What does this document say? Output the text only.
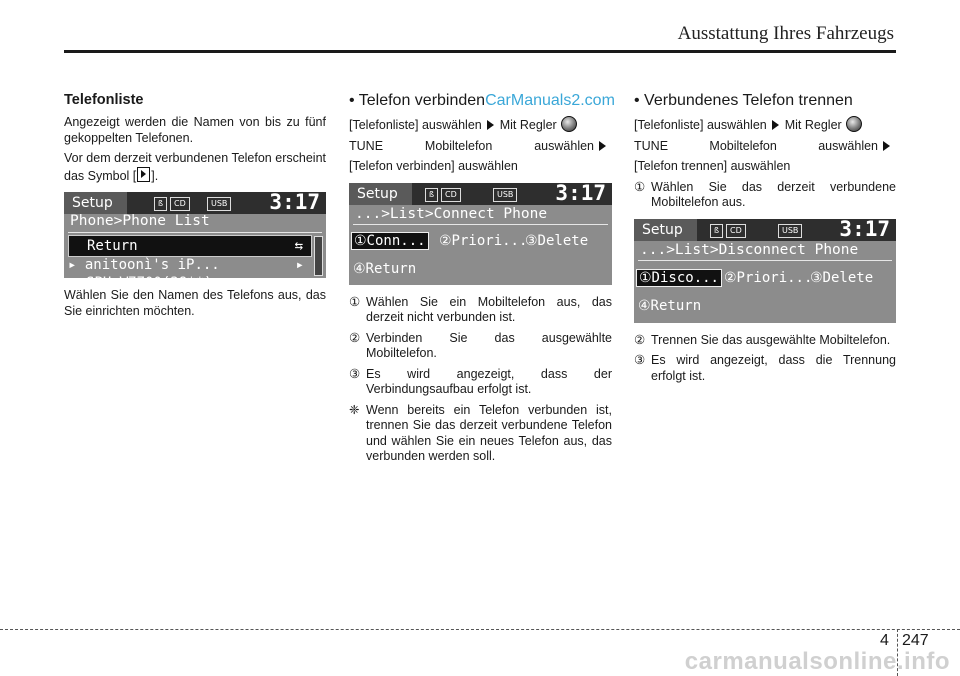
Ausstattung Ihres Fahrzeugs
Telefonliste

Angezeigt werden die Namen von bis zu fünf gekoppelten Telefonen.

Vor dem derzeit verbundenen Telefon erscheint das Symbol [ ].

Setup	ß	CD	USB 3:17
Phone>Phone List
Return	⇆
▸ anitoonì's iP...	▸
SPH-W7700(38**)	▸

Wählen Sie den Namen des Telefons aus, das Sie einrichten möchten.

• Telefon verbindenCarManuals2.com

[Telefonliste] auswählen Mit Regler

TUNE Mobiltelefon auswählen

[Telefon verbinden] auswählen

Setup	ß	CD	USB 3:17
...>List>Connect Phone
①Conn... ②Priori...
③Delete
④Return
① Wählen Sie ein Mobiltelefon aus, das derzeit nicht verbunden ist.
② Verbinden Sie das ausgewählte Mobiltelefon.
③ Es wird angezeigt, dass der Verbindungsaufbau erfolgt ist.
❈ Wenn bereits ein Telefon verbunden ist, trennen Sie das derzeit verbundene Telefon und wählen Sie ein neues Telefon aus, das verbunden werden soll.
• Verbundenes Telefon trennen

[Telefonliste] auswählen Mit Regler

TUNE Mobiltelefon auswählen

[Telefon trennen] auswählen

① Wählen Sie das derzeit verbundene Mobiltelefon aus.
Setup	ß	CD	USB 3:17
...>List>Disconnect Phone
①Disco... ②Priori...
③Delete
④Return
② Trennen Sie das ausgewählte Mobiltelefon.
③ Es wird angezeigt, dass die Trennung erfolgt ist.
4 247
carmanualsonline.info
